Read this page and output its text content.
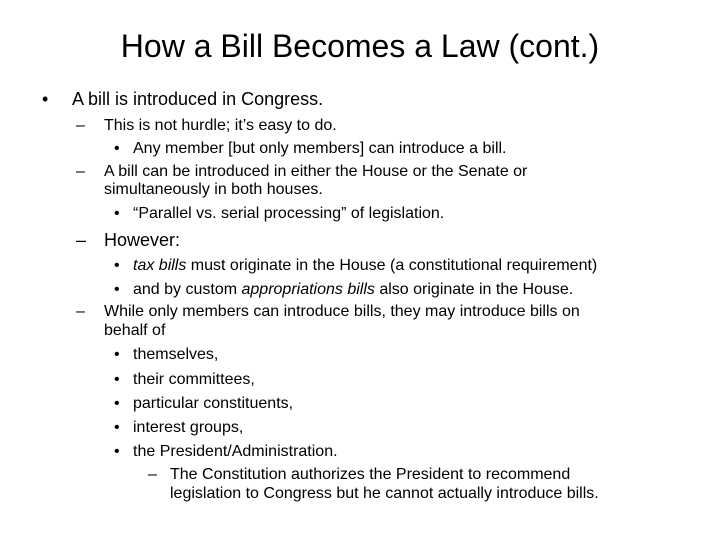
How a Bill Becomes a Law (cont.)
• A bill is introduced in Congress.
– This is not hurdle; it’s easy to do.
• Any member [but only members] can introduce a bill.
– A bill can be introduced in either the House or the Senate or
simultaneously in both houses.
• “Parallel vs. serial processing” of legislation.
– However:
• tax bills must originate in the House (a constitutional requirement)
• and by custom appropriations bills also originate in the House.
– While only members can introduce bills, they may introduce bills on
behalf of
• themselves,
• their committees,
• particular constituents,
• interest groups,
• the President/Administration.
– The Constitution authorizes the President to recommend
legislation to Congress but he cannot actually introduce bills.
